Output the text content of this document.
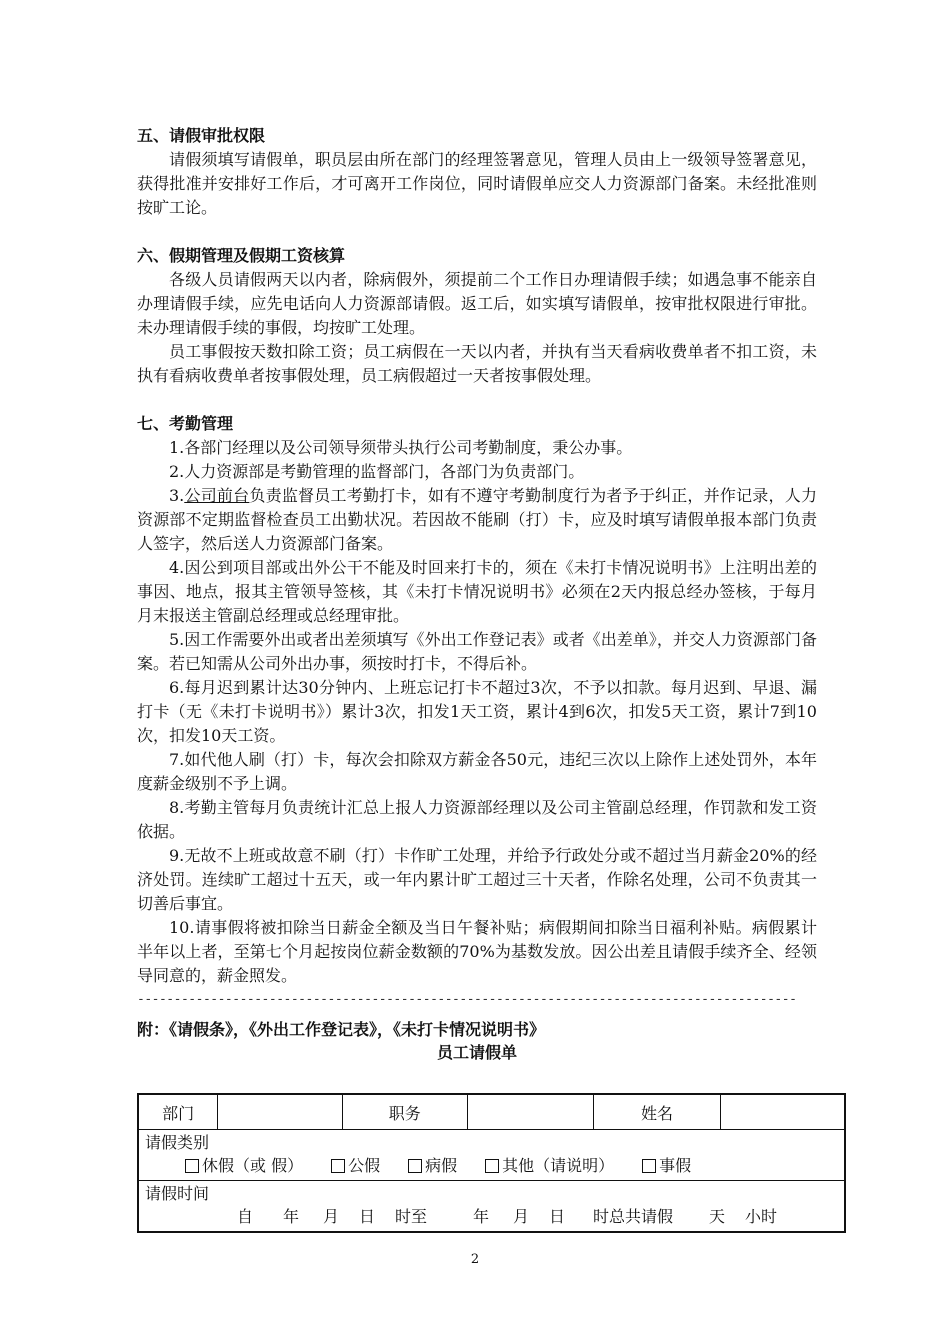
五、请假审批权限

请假须填写请假单，职员层由所在部门的经理签署意见，管理人员由上一级领导签署意见，获得批准并安排好工作后，才可离开工作岗位，同时请假单应交人力资源部门备案。未经批准则按旷工论。

六、假期管理及假期工资核算

各级人员请假两天以内者，除病假外，须提前二个工作日办理请假手续；如遇急事不能亲自办理请假手续，应先电话向人力资源部请假。返工后，如实填写请假单，按审批权限进行审批。未办理请假手续的事假，均按旷工处理。

员工事假按天数扣除工资；员工病假在一天以内者，并执有当天看病收费单者不扣工资，未执有看病收费单者按事假处理，员工病假超过一天者按事假处理。

七、考勤管理

1.各部门经理以及公司领导须带头执行公司考勤制度，秉公办事。

2.人力资源部是考勤管理的监督部门，各部门为负责部门。

3.公司前台负责监督员工考勤打卡，如有不遵守考勤制度行为者予于纠正，并作记录，人力资源部不定期监督检查员工出勤状况。若因故不能刷（打）卡，应及时填写请假单报本部门负责人签字，然后送人力资源部门备案。

4.因公到项目部或出外公干不能及时回来打卡的，须在《未打卡情况说明书》上注明出差的事因、地点，报其主管领导签核，其《未打卡情况说明书》必须在2天内报总经办签核，于每月月末报送主管副总经理或总经理审批。

5.因工作需要外出或者出差须填写《外出工作登记表》或者《出差单》，并交人力资源部门备案。若已知需从公司外出办事，须按时打卡，不得后补。

6.每月迟到累计达30分钟内、上班忘记打卡不超过3次，不予以扣款。每月迟到、早退、漏打卡（无《未打卡说明书》）累计3次，扣发1天工资，累计4到6次，扣发5天工资，累计7到10次，扣发10天工资。

7.如代他人刷（打）卡，每次会扣除双方薪金各50元，违纪三次以上除作上述处罚外，本年度薪金级别不予上调。

8.考勤主管每月负责统计汇总上报人力资源部经理以及公司主管副总经理，作罚款和发工资依据。

9.无故不上班或故意不刷（打）卡作旷工处理，并给予行政处分或不超过当月薪金20%的经济处罚。连续旷工超过十五天，或一年内累计旷工超过三十天者，作除名处理，公司不负责其一切善后事宜。

10.请事假将被扣除当日薪金全额及当日午餐补贴；病假期间扣除当日福利补贴。病假累计半年以上者，至第七个月起按岗位薪金数额的70%为基数发放。因公出差且请假手续齐全、经领导同意的，薪金照发。

------------------------------------------------------------------------------------------
附：《请假条》，《外出工作登记表》，《未打卡情况说明书》
员工请假单
部门		职务		姓名	

请假类别
休假（或 假）	公假	病假	其他（请说明）	事假

请假时间
自	年	月	日	时至	年	月	日	时总共请假	天	小时
2
